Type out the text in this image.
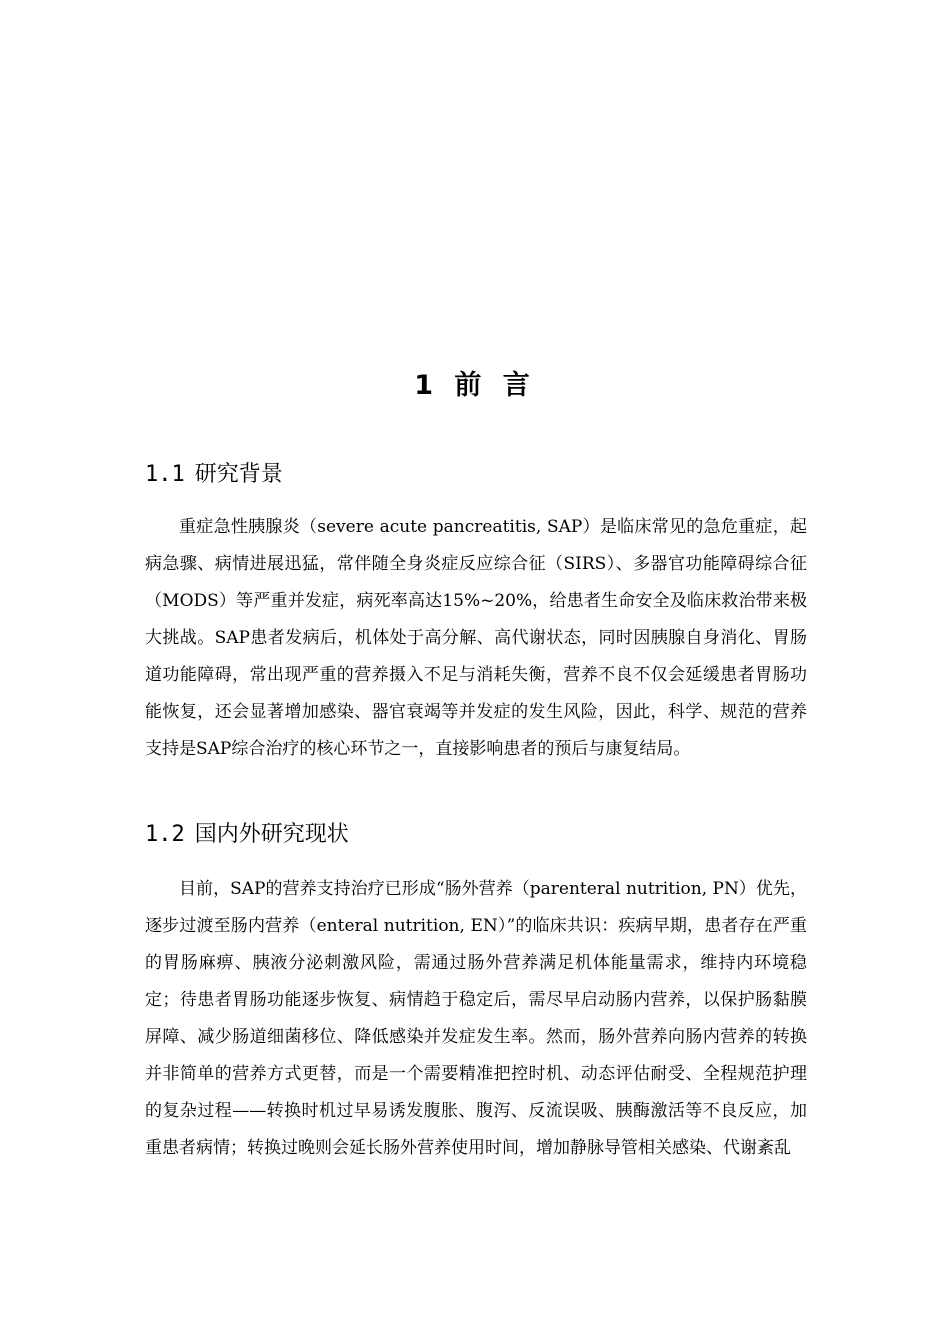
1 前 言
1.1 研究背景

重症急性胰腺炎（severe acute pancreatitis, SAP）是临床常见的急危重症，起病急骤、病情进展迅猛，常伴随全身炎症反应综合征（SIRS）、多器官功能障碍综合征（MODS）等严重并发症，病死率高达15%~20%，给患者生命安全及临床救治带来极大挑战。SAP患者发病后，机体处于高分解、高代谢状态，同时因胰腺自身消化、胃肠道功能障碍，常出现严重的营养摄入不足与消耗失衡，营养不良不仅会延缓患者胃肠功能恢复，还会显著增加感染、器官衰竭等并发症的发生风险，因此，科学、规范的营养支持是SAP综合治疗的核心环节之一，直接影响患者的预后与康复结局。

1.2 国内外研究现状

目前，SAP的营养支持治疗已形成“肠外营养（parenteral nutrition, PN）优先，逐步过渡至肠内营养（enteral nutrition, EN）”的临床共识：疾病早期，患者存在严重的胃肠麻痹、胰液分泌刺激风险，需通过肠外营养满足机体能量需求，维持内环境稳定；待患者胃肠功能逐步恢复、病情趋于稳定后，需尽早启动肠内营养，以保护肠黏膜屏障、减少肠道细菌移位、降低感染并发症发生率。然而，肠外营养向肠内营养的转换并非简单的营养方式更替，而是一个需要精准把控时机、动态评估耐受、全程规范护理的复杂过程——转换时机过早易诱发腹胀、腹泻、反流误吸、胰酶激活等不良反应，加重患者病情；转换过晚则会延长肠外营养使用时间，增加静脉导管相关感染、代谢紊乱
